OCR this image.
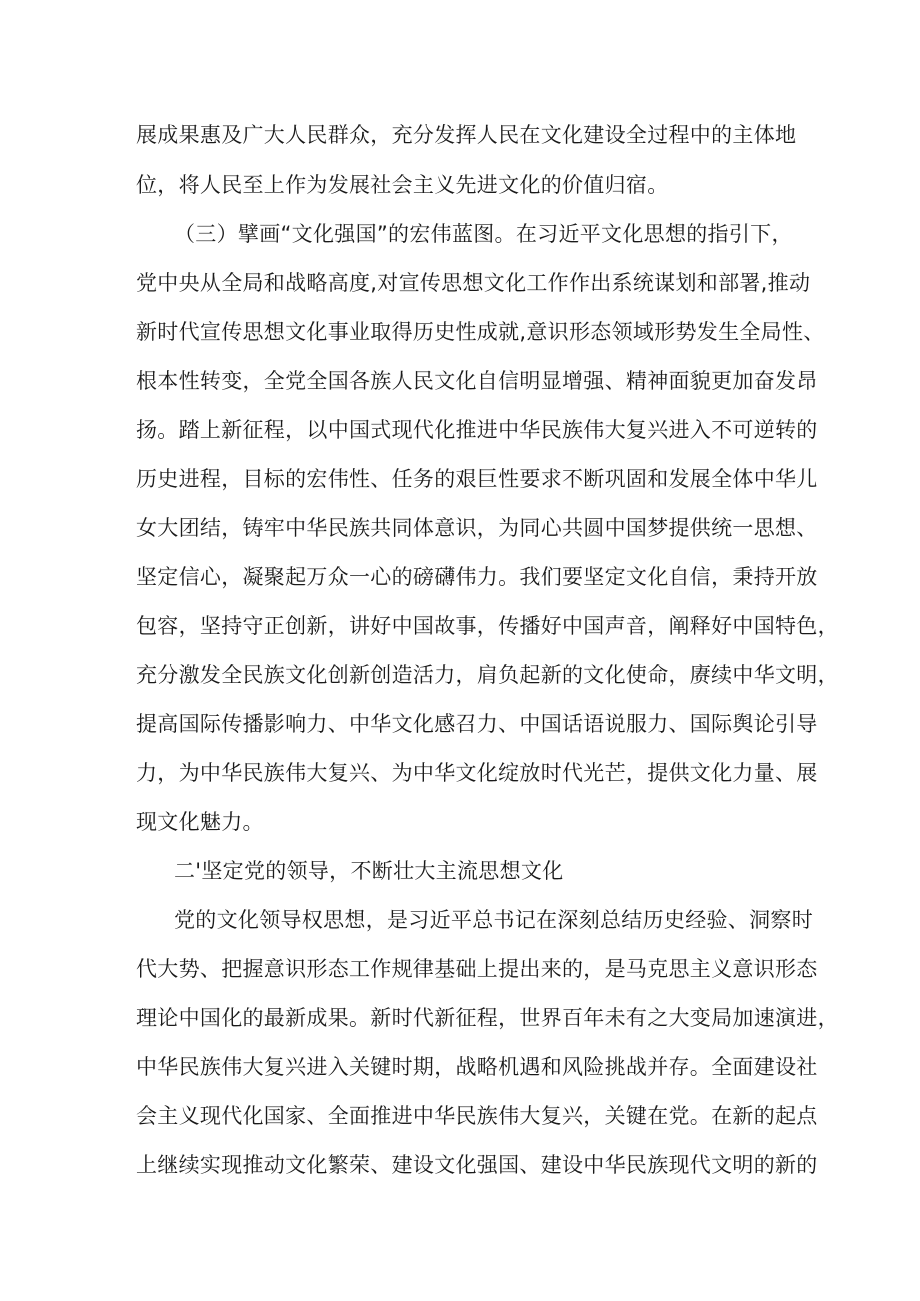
展成果惠及广大人民群众，充分发挥人民在文化建设全过程中的主体地
位，将人民至上作为发展社会主义先进文化的价值归宿。
（三）擘画“文化强国”的宏伟蓝图。在习近平文化思想的指引下，
党中央从全局和战略高度,对宣传思想文化工作作出系统谋划和部署,推动
新时代宣传思想文化事业取得历史性成就,意识形态领域形势发生全局性、
根本性转变，全党全国各族人民文化自信明显增强、精神面貌更加奋发昂
扬。踏上新征程，以中国式现代化推进中华民族伟大复兴进入不可逆转的
历史进程，目标的宏伟性、任务的艰巨性要求不断巩固和发展全体中华儿
女大团结，铸牢中华民族共同体意识，为同心共圆中国梦提供统一思想、
坚定信心，凝聚起万众一心的磅礴伟力。我们要坚定文化自信，秉持开放
包容，坚持守正创新，讲好中国故事，传播好中国声音，阐释好中国特色，
充分激发全民族文化创新创造活力，肩负起新的文化使命，赓续中华文明，
提高国际传播影响力、中华文化感召力、中国话语说服力、国际舆论引导
力，为中华民族伟大复兴、为中华文化绽放时代光芒，提供文化力量、展
现文化魅力。
二'坚定党的领导，不断壮大主流思想文化
党的文化领导权思想，是习近平总书记在深刻总结历史经验、洞察时
代大势、把握意识形态工作规律基础上提出来的，是马克思主义意识形态
理论中国化的最新成果。新时代新征程，世界百年未有之大变局加速演进，
中华民族伟大复兴进入关键时期，战略机遇和风险挑战并存。全面建设社
会主义现代化国家、全面推进中华民族伟大复兴，关键在党。在新的起点
上继续实现推动文化繁荣、建设文化强国、建设中华民族现代文明的新的
